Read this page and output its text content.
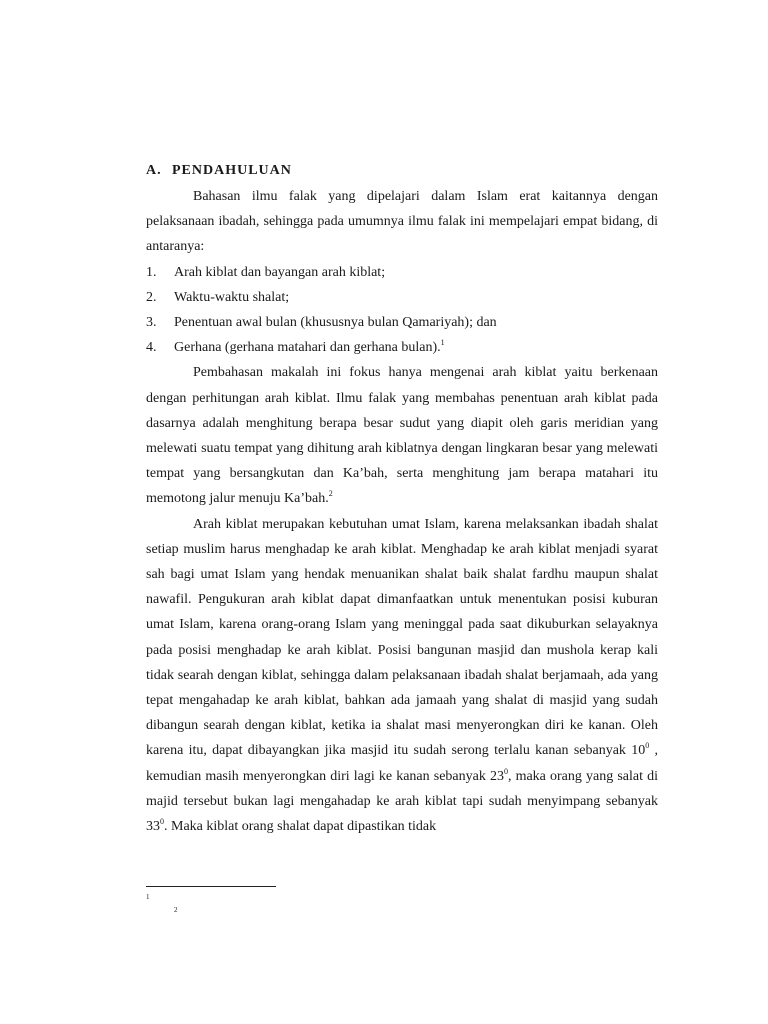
A. PENDAHULUAN

Bahasan ilmu falak yang dipelajari dalam Islam erat kaitannya dengan pelaksanaan ibadah, sehingga pada umumnya ilmu falak ini mempelajari empat bidang, di antaranya:

1.	Arah kiblat dan bayangan arah kiblat;
2.	Waktu-waktu shalat;
3.	Penentuan awal bulan (khususnya bulan Qamariyah); dan
4.	Gerhana (gerhana matahari dan gerhana bulan).$^1$

Pembahasan makalah ini fokus hanya mengenai arah kiblat yaitu berkenaan dengan perhitungan arah kiblat. Ilmu falak yang membahas penentuan arah kiblat pada dasarnya adalah menghitung berapa besar sudut yang diapit oleh garis meridian yang melewati suatu tempat yang dihitung arah kiblatnya dengan lingkaran besar yang melewati tempat yang bersangkutan dan Ka’bah, serta menghitung jam berapa matahari itu memotong jalur menuju Ka’bah.$^2$

Arah kiblat merupakan kebutuhan umat Islam, karena melaksankan ibadah shalat setiap muslim harus menghadap ke arah kiblat. Menghadap ke arah kiblat menjadi syarat sah bagi umat Islam yang hendak menuanikan shalat baik shalat fardhu maupun shalat nawafil. Pengukuran arah kiblat dapat dimanfaatkan untuk menentukan posisi kuburan umat Islam, karena orang-orang Islam yang meninggal pada saat dikuburkan selayaknya pada posisi menghadap ke arah kiblat. Posisi bangunan masjid dan mushola kerap kali tidak searah dengan kiblat, sehingga dalam pelaksanaan ibadah shalat berjamaah, ada yang tepat mengahadap ke arah kiblat, bahkan ada jamaah yang shalat di masjid yang sudah dibangun searah dengan kiblat, ketika ia shalat masi menyerongkan diri ke kanan. Oleh karena itu, dapat dibayangkan jika masjid itu sudah serong terlalu kanan sebanyak $10^0$ , kemudian masih menyerongkan diri lagi ke kanan sebanyak $23^0$, maka orang yang salat di majid tersebut bukan lagi mengahadap ke arah kiblat tapi sudah menyimpang sebanyak $33^0$. Maka kiblat orang shalat dapat dipastikan tidak

1
2
